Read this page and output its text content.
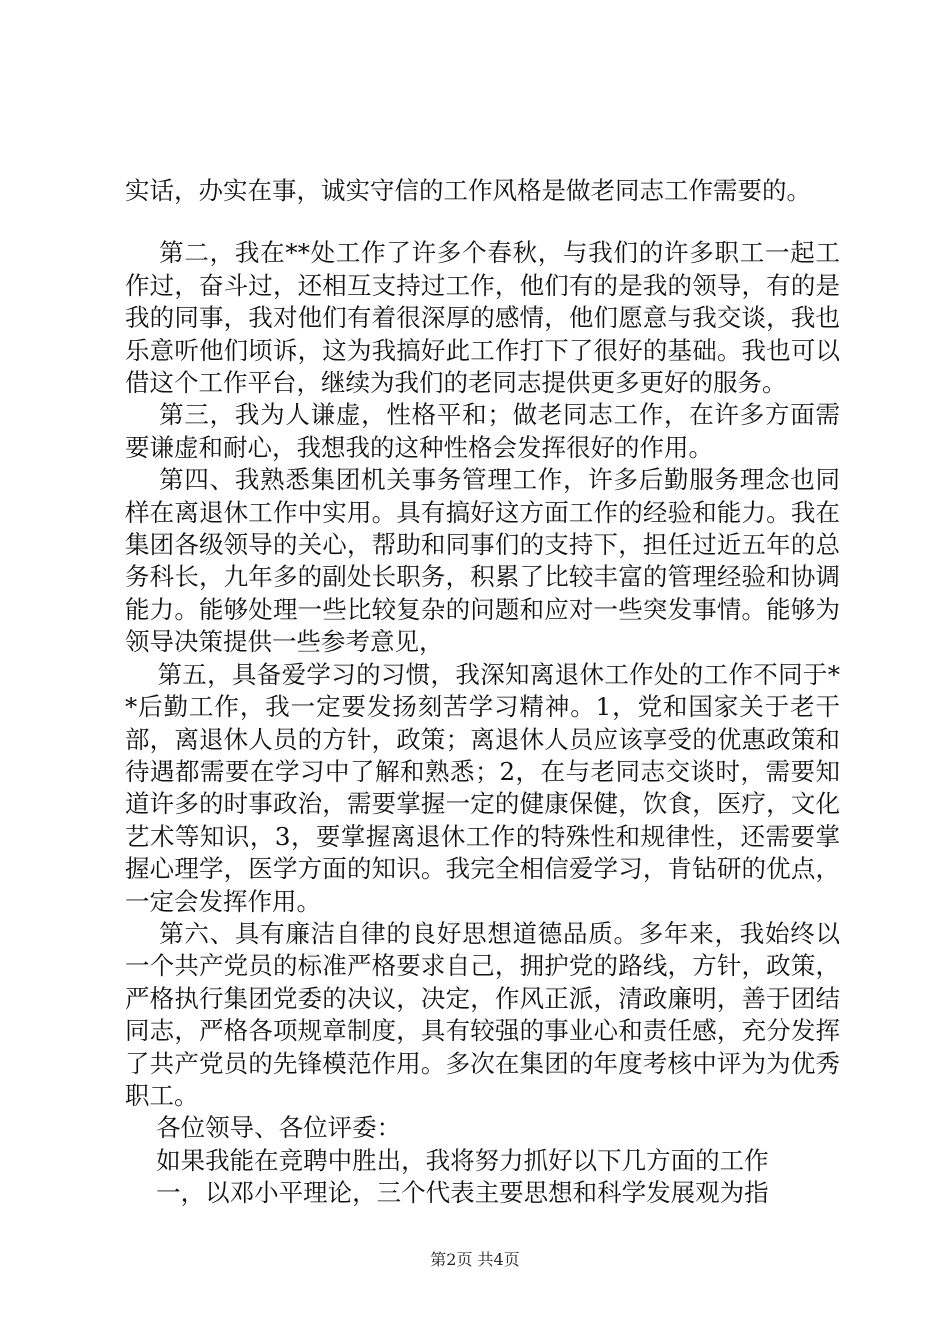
实话，办实在事，诚实守信的工作风格是做老同志工作需要的。

第二，我在**处工作了许多个春秋，与我们的许多职工一起工作过，奋斗过，还相互支持过工作，他们有的是我的领导，有的是我的同事，我对他们有着很深厚的感情，他们愿意与我交谈，我也乐意听他们顷诉，这为我搞好此工作打下了很好的基础。我也可以借这个工作平台，继续为我们的老同志提供更多更好的服务。

第三，我为人谦虚，性格平和；做老同志工作，在许多方面需要谦虚和耐心，我想我的这种性格会发挥很好的作用。

第四、我熟悉集团机关事务管理工作，许多后勤服务理念也同样在离退休工作中实用。具有搞好这方面工作的经验和能力。我在集团各级领导的关心，帮助和同事们的支持下，担任过近五年的总务科长，九年多的副处长职务，积累了比较丰富的管理经验和协调能力。能够处理一些比较复杂的问题和应对一些突发事情。能够为领导决策提供一些参考意见，

第五，具备爱学习的习惯，我深知离退休工作处的工作不同于**后勤工作，我一定要发扬刻苦学习精神。1，党和国家关于老干部，离退休人员的方针，政策；离退休人员应该享受的优惠政策和待遇都需要在学习中了解和熟悉；2，在与老同志交谈时，需要知道许多的时事政治，需要掌握一定的健康保健，饮食，医疗，文化艺术等知识，3，要掌握离退休工作的特殊性和规律性，还需要掌握心理学，医学方面的知识。我完全相信爱学习，肯钻研的优点，一定会发挥作用。

第六、具有廉洁自律的良好思想道德品质。多年来，我始终以一个共产党员的标准严格要求自己，拥护党的路线，方针，政策，严格执行集团党委的决议，决定，作风正派，清政廉明，善于团结同志，严格各项规章制度，具有较强的事业心和责任感，充分发挥了共产党员的先锋模范作用。多次在集团的年度考核中评为为优秀职工。

各位领导、各位评委：

如果我能在竞聘中胜出，我将努力抓好以下几方面的工作

一，以邓小平理论，三个代表主要思想和科学发展观为指

第2页 共4页
